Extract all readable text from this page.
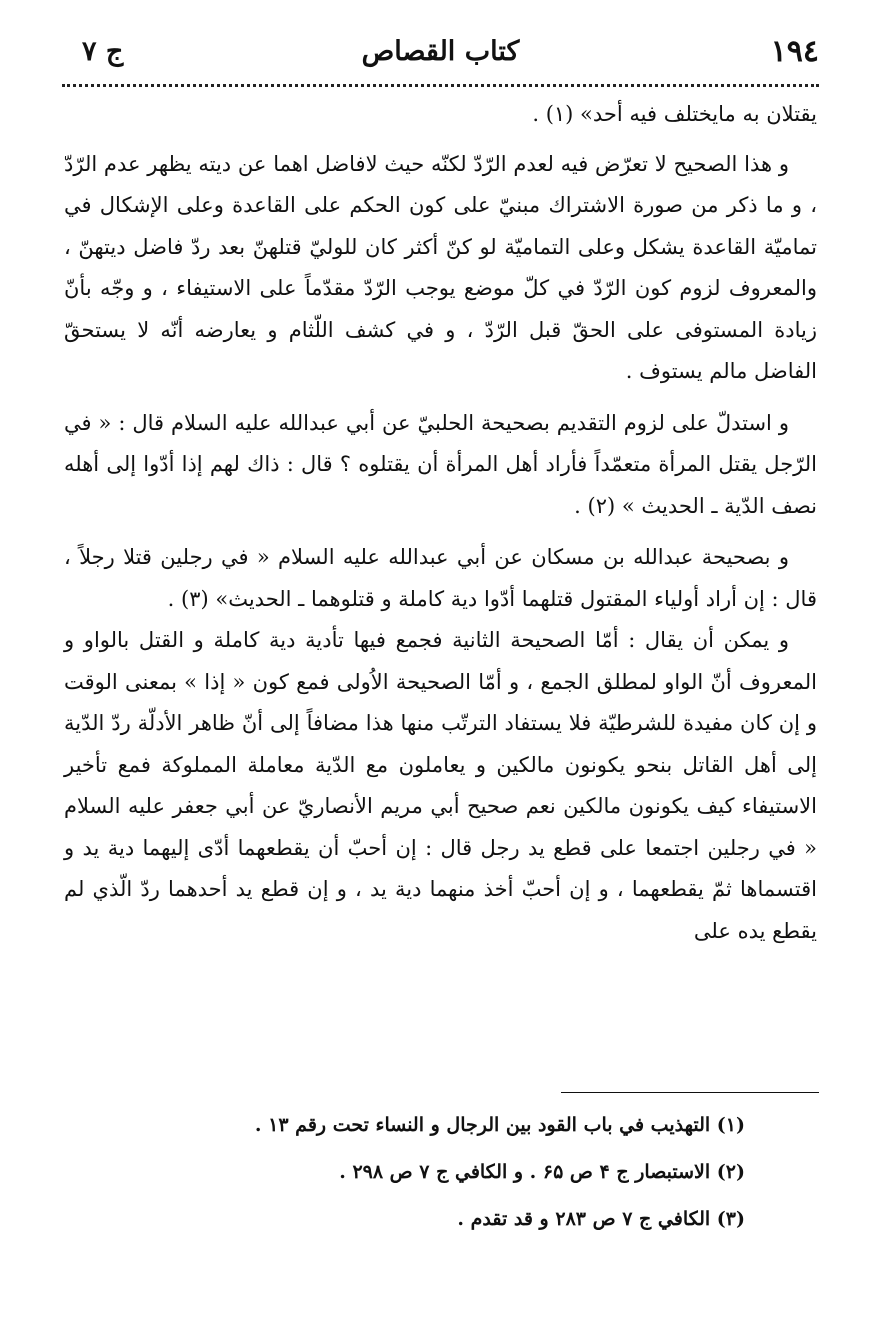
١٩٤
كتاب القصاص
ج ٧

يقتلان به مايختلف فيه أحد» (١) .

و هذا الصحيح لا تعرّض فيه لعدم الرّدّ لكنّه حيث لافاضل اهما عن ديته يظهر عدم الرّدّ ، و ما ذكر من صورة الاشتراك مبنيّ على كون الحكم على القاعدة وعلى الإشكال في تماميّة القاعدة يشكل وعلى التماميّة لو كنّ أكثر كان للوليّ قتلهنّ بعد ردّ فاضل ديتهنّ ، والمعروف لزوم كون الرّدّ في كلّ موضع يوجب الرّدّ مقدّماً على الاستيفاء ، و وجّه بأنّ زيادة المستوفى على الحقّ قبل الرّدّ ، و في كشف اللّثام و يعارضه أنّه لا يستحقّ الفاضل مالم يستوف .

و استدلّ على لزوم التقديم بصحيحة الحلبيّ عن أبي عبدالله عليه السلام قال : « في الرّجل يقتل المرأة متعمّداً فأراد أهل المرأة أن يقتلوه ؟ قال : ذاك لهم إذا أدّوا إلى أهله نصف الدّية ـ الحديث » (٢) .

و بصحيحة عبدالله بن مسكان عن أبي عبدالله عليه السلام « في رجلين قتلا رجلاً ، قال : إن أراد أولياء المقتول قتلهما أدّوا دية كاملة و قتلوهما ـ الحديث» (٣) .

و يمكن أن يقال : أمّا الصحيحة الثانية فجمع فيها تأدية دية كاملة و القتل بالواو و المعروف أنّ الواو لمطلق الجمع ، و أمّا الصحيحة الاُولى فمع كون « إذا » بمعنى الوقت و إن كان مفيدة للشرطيّة فلا يستفاد الترتّب منها هذا مضافاً إلى أنّ ظاهر الأدلّة ردّ الدّية إلى أهل القاتل بنحو يكونون مالكين و يعاملون مع الدّية معاملة المملوكة فمع تأخير الاستيفاء كيف يكونون مالكين نعم صحيح أبي مريم الأنصاريّ عن أبي جعفر عليه السلام « في رجلين اجتمعا على قطع يد رجل قال : إن أحبّ أن يقطعهما أدّى إليهما دية يد و اقتسماها ثمّ يقطعهما ، و إن أحبّ أخذ منهما دية يد ، و إن قطع يد أحدهما ردّ الّذي لم يقطع يده على

(١) التهذيب في باب القود بين الرجال و النساء تحت رقم ١٣ .
(٢) الاستبصار ج ۴ ص ۶۵ . و الكافي ج ٧ ص ٢٩٨ .
(٣) الكافي ج ٧ ص ٢٨٣ و قد تقدم .
